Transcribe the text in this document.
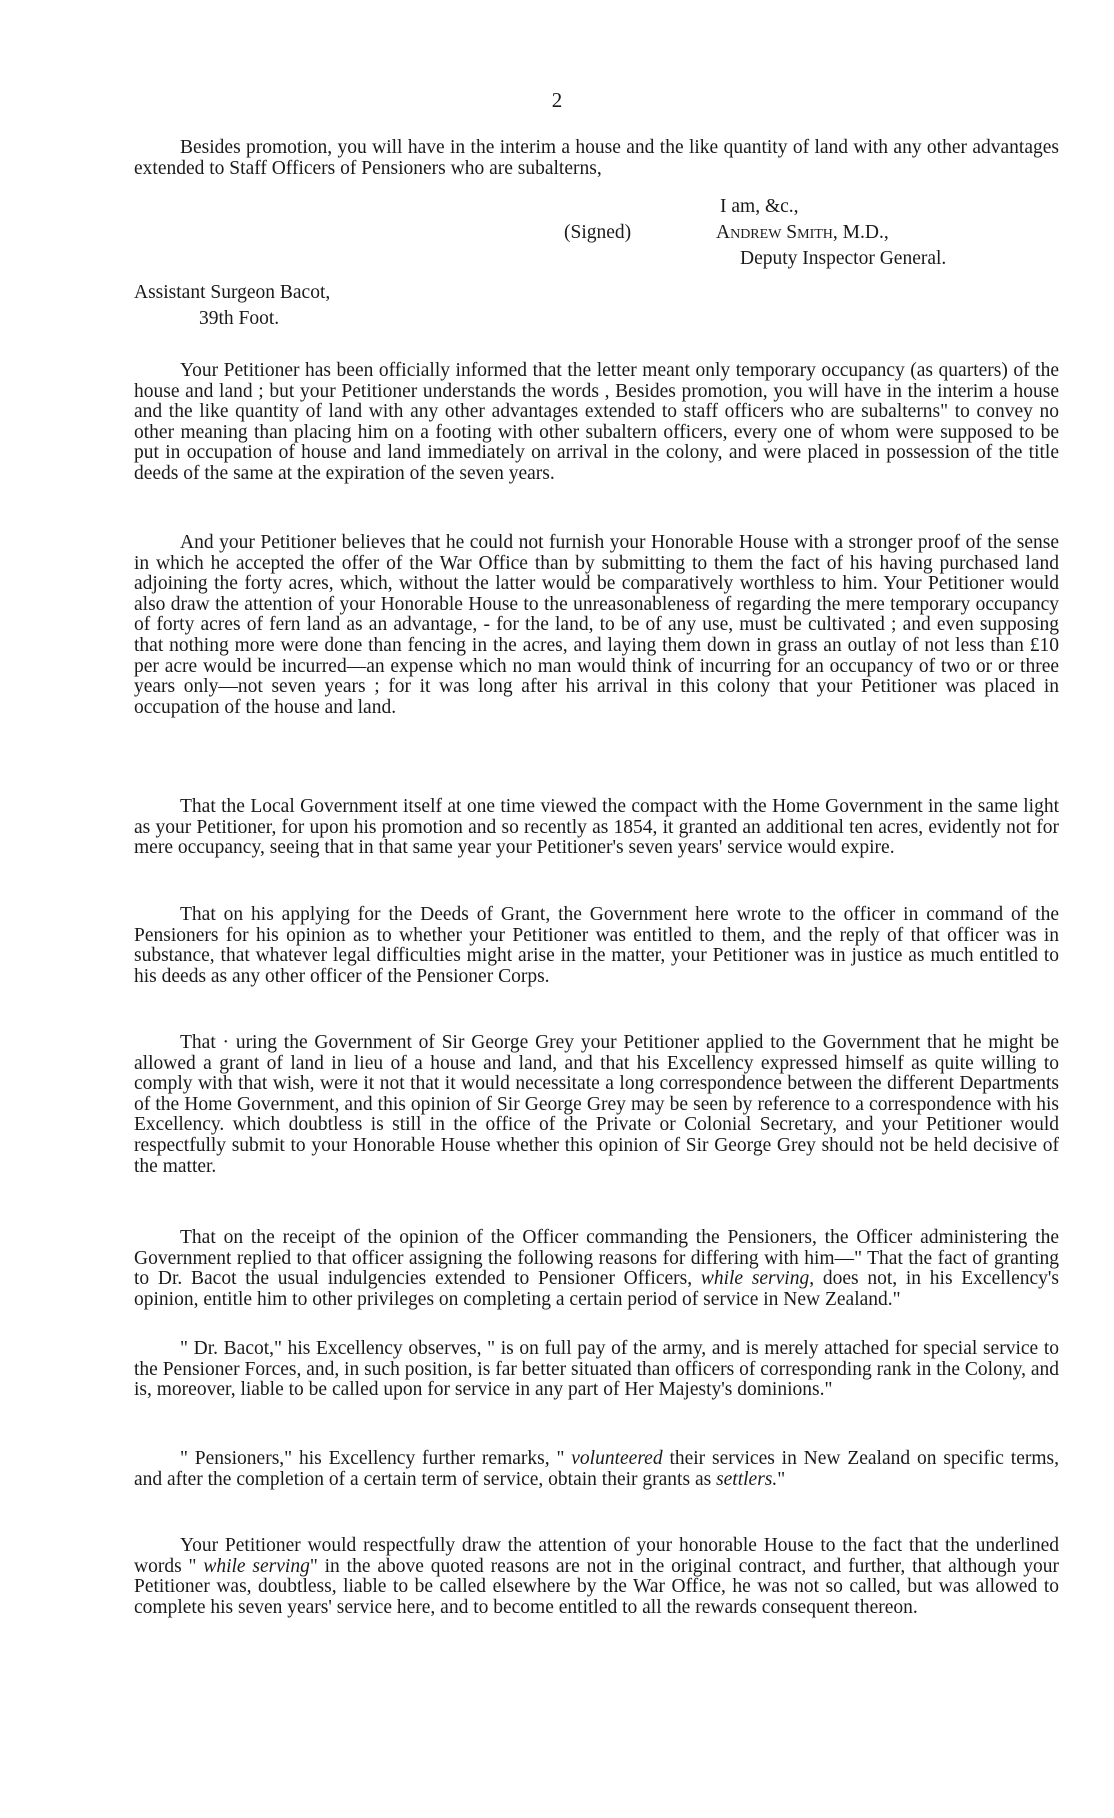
2

Besides promotion, you will have in the interim a house and the like quantity of land with any other advantages extended to Staff Officers of Pensioners who are subalterns,

I am, &c.,
(Signed)	Andrew Smith, M.D.,
Deputy Inspector General.
Assistant Surgeon Bacot,
39th Foot.

Your Petitioner has been officially informed that the letter meant only temporary occupancy (as quarters) of the house and land ; but your Petitioner understands the words , Besides promotion, you will have in the interim a house and the like quantity of land with any other advantages extended to staff officers who are subalterns" to convey no other meaning than placing him on a footing with other subaltern officers, every one of whom were supposed to be put in occupation of house and land immediately on arrival in the colony, and were placed in possession of the title deeds of the same at the expiration of the seven years.

And your Petitioner believes that he could not furnish your Honorable House with a stronger proof of the sense in which he accepted the offer of the War Office than by submitting to them the fact of his having purchased land adjoining the forty acres, which, without the latter would be comparatively worthless to him. Your Petitioner would also draw the attention of your Honorable House to the unreasonableness of regarding the mere temporary occupancy of forty acres of fern land as an advantage, - for the land, to be of any use, must be cultivated ; and even supposing that nothing more were done than fencing in the acres, and laying them down in grass an outlay of not less than £10 per acre would be incurred—an expense which no man would think of incurring for an occupancy of two or or three years only—not seven years ; for it was long after his arrival in this colony that your Petitioner was placed in occupation of the house and land.

That the Local Government itself at one time viewed the compact with the Home Government in the same light as your Petitioner, for upon his promotion and so recently as 1854, it granted an additional ten acres, evidently not for mere occupancy, seeing that in that same year your Petitioner's seven years' service would expire.

That on his applying for the Deeds of Grant, the Government here wrote to the officer in command of the Pensioners for his opinion as to whether your Petitioner was entitled to them, and the reply of that officer was in substance, that whatever legal difficulties might arise in the matter, your Petitioner was in justice as much entitled to his deeds as any other officer of the Pensioner Corps.

That · uring the Government of Sir George Grey your Petitioner applied to the Government that he might be allowed a grant of land in lieu of a house and land, and that his Excellency expressed himself as quite willing to comply with that wish, were it not that it would necessitate a long correspondence between the different Departments of the Home Government, and this opinion of Sir George Grey may be seen by reference to a correspondence with his Excellency. which doubtless is still in the office of the Private or Colonial Secretary, and your Petitioner would respectfully submit to your Honorable House whether this opinion of Sir George Grey should not be held decisive of the matter.

That on the receipt of the opinion of the Officer commanding the Pensioners, the Officer administering the Government replied to that officer assigning the following reasons for differing with him—" That the fact of granting to Dr. Bacot the usual indulgencies extended to Pensioner Officers, while serving, does not, in his Excellency's opinion, entitle him to other privileges on completing a certain period of service in New Zealand."

" Dr. Bacot," his Excellency observes, " is on full pay of the army, and is merely attached for special service to the Pensioner Forces, and, in such position, is far better situated than officers of corresponding rank in the Colony, and is, moreover, liable to be called upon for service in any part of Her Majesty's dominions."

" Pensioners," his Excellency further remarks, " volunteered their services in New Zealand on specific terms, and after the completion of a certain term of service, obtain their grants as settlers."

Your Petitioner would respectfully draw the attention of your honorable House to the fact that the underlined words " while serving" in the above quoted reasons are not in the original contract, and further, that although your Petitioner was, doubtless, liable to be called elsewhere by the War Office, he was not so called, but was allowed to complete his seven years' service here, and to become entitled to all the rewards consequent thereon.
